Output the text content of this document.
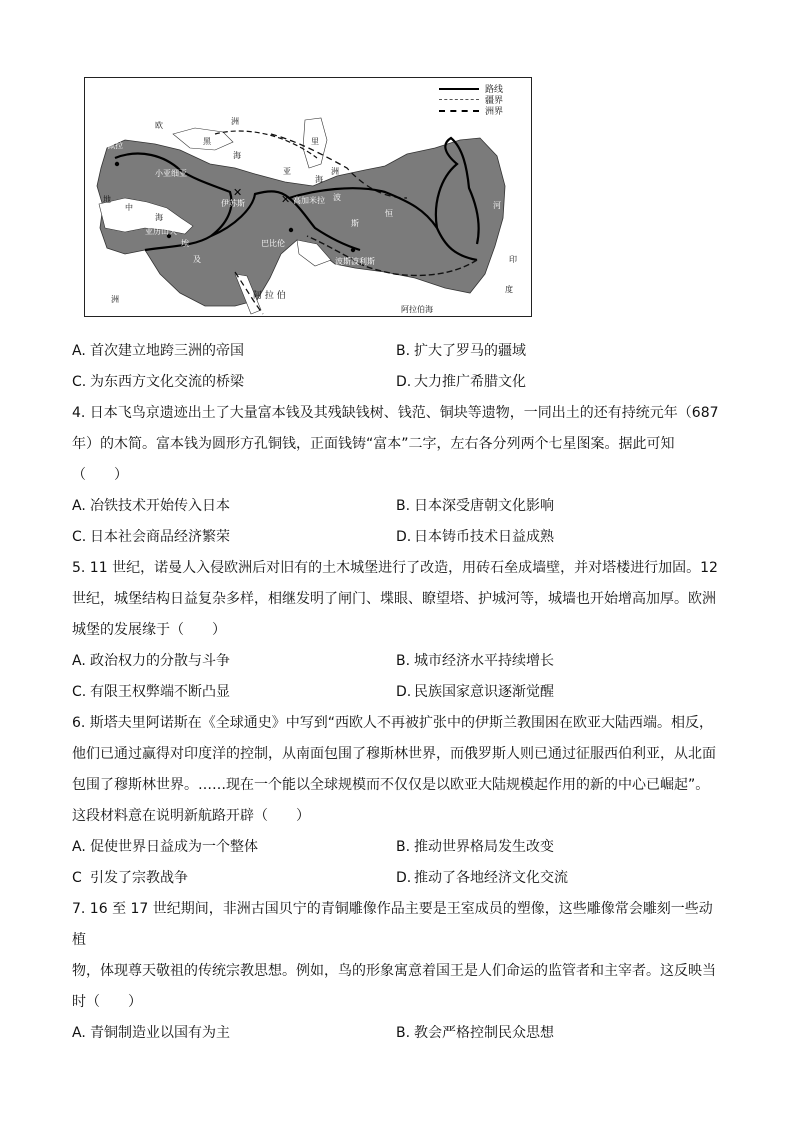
✕
✕
路线
疆界
洲界
欧	洲
黑
海
里
海
亚	洲
佩拉
小亚细亚
伊苏斯	高加米拉
巴比伦
波斯波利斯
亚历山大
波
斯
地
中
海
埃
及
非
洲	阿 拉 伯
阿拉伯海
印
度
恒
河
A. 首次建立地跨三洲的帝国	B. 扩大了罗马的疆域
C. 为东西方文化交流的桥梁	D. 大力推广希腊文化

4. 日本飞鸟京遗迹出土了大量富本钱及其残缺钱树、钱范、铜块等遗物，一同出土的还有持统元年（687

年）的木简。富本钱为圆形方孔铜钱，正面钱铸“富本”二字，左右各分列两个七星图案。据此可知

（　　）

A. 冶铁技术开始传入日本	B. 日本深受唐朝文化影响
C. 日本社会商品经济繁荣	D. 日本铸币技术日益成熟

5. 11 世纪，诺曼人入侵欧洲后对旧有的土木城堡进行了改造，用砖石垒成墙壁，并对塔楼进行加固。12

世纪，城堡结构日益复杂多样，相继发明了闸门、堞眼、瞭望塔、护城河等，城墙也开始增高加厚。欧洲

城堡的发展缘于（　　）

A. 政治权力的分散与斗争	B. 城市经济水平持续增长
C. 有限王权弊端不断凸显	D. 民族国家意识逐渐觉醒

6. 斯塔夫里阿诺斯在《全球通史》中写到“西欧人不再被扩张中的伊斯兰教围困在欧亚大陆西端。相反，

他们已通过赢得对印度洋的控制，从南面包围了穆斯林世界，而俄罗斯人则已通过征服西伯利亚，从北面

包围了穆斯林世界。……现在一个能以全球规模而不仅仅是以欧亚大陆规模起作用的新的中心已崛起”。

这段材料意在说明新航路开辟（　　）

A. 促使世界日益成为一个整体	B. 推动世界格局发生改变
C 引发了宗教战争	D. 推动了各地经济文化交流

7. 16 至 17 世纪期间，非洲古国贝宁的青铜雕像作品主要是王室成员的塑像，这些雕像常会雕刻一些动植

物，体现尊天敬祖的传统宗教思想。例如，鸟的形象寓意着国王是人们命运的监管者和主宰者。这反映当

时（　　）

A. 青铜制造业以国有为主	B. 教会严格控制民众思想
